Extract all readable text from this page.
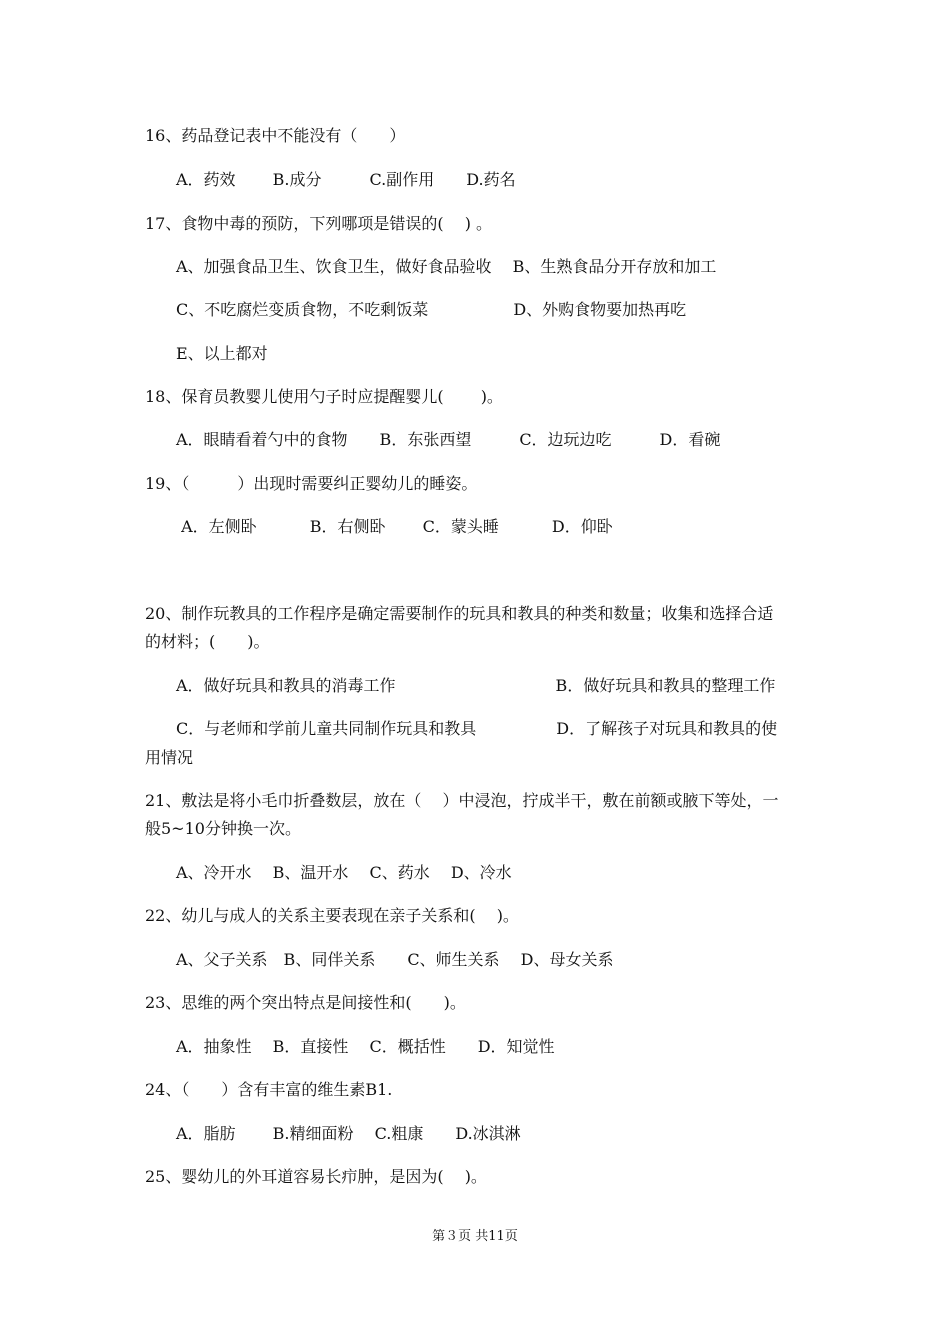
16、药品登记表中不能没有（　　）
A．药效　　 B.成分　　　C.副作用　　D.药名
17、食物中毒的预防，下列哪项是错误的(　 ) 。
A、加强食品卫生、饮食卫生，做好食品验收　 B、生熟食品分开存放和加工
C、不吃腐烂变质食物，不吃剩饭菜　　　　　 D、外购食物要加热再吃
E、以上都对
18、保育员教婴儿使用勺子时应提醒婴儿(　　 )。
A．眼睛看着勺中的食物　　B．东张西望　　　C．边玩边吃　　　D．看碗
19、（　　　）出现时需要纠正婴幼儿的睡姿。
A．左侧卧　　　 B．右侧卧　　 C．蒙头睡　　　 D．仰卧
20、制作玩教具的工作程序是确定需要制作的玩具和教具的种类和数量；收集和选择合适
的材料；(　　)。
A．做好玩具和教具的消毒工作　　　　　　　　　　B．做好玩具和教具的整理工作
C．与老师和学前儿童共同制作玩具和教具　　　　　D．了解孩子对玩具和教具的使
用情况
21、敷法是将小毛巾折叠数层，放在（　 ）中浸泡，拧成半干，敷在前额或腋下等处，一
般5~10分钟换一次。
A、冷开水　 B、温开水　 C、药水　 D、冷水
22、幼儿与成人的关系主要表现在亲子关系和(　 )。
A、父子关系　B、同伴关系　　C、师生关系　 D、母女关系
23、思维的两个突出特点是间接性和(　　)。
A．抽象性　 B．直接性　 C．概括性　　D．知觉性
24、（　　）含有丰富的维生素B1.
A．脂肪　　 B.精细面粉　 C.粗康　　D.冰淇淋
25、婴幼儿的外耳道容易长疖肿，是因为(　 )。
第３页 共11页
